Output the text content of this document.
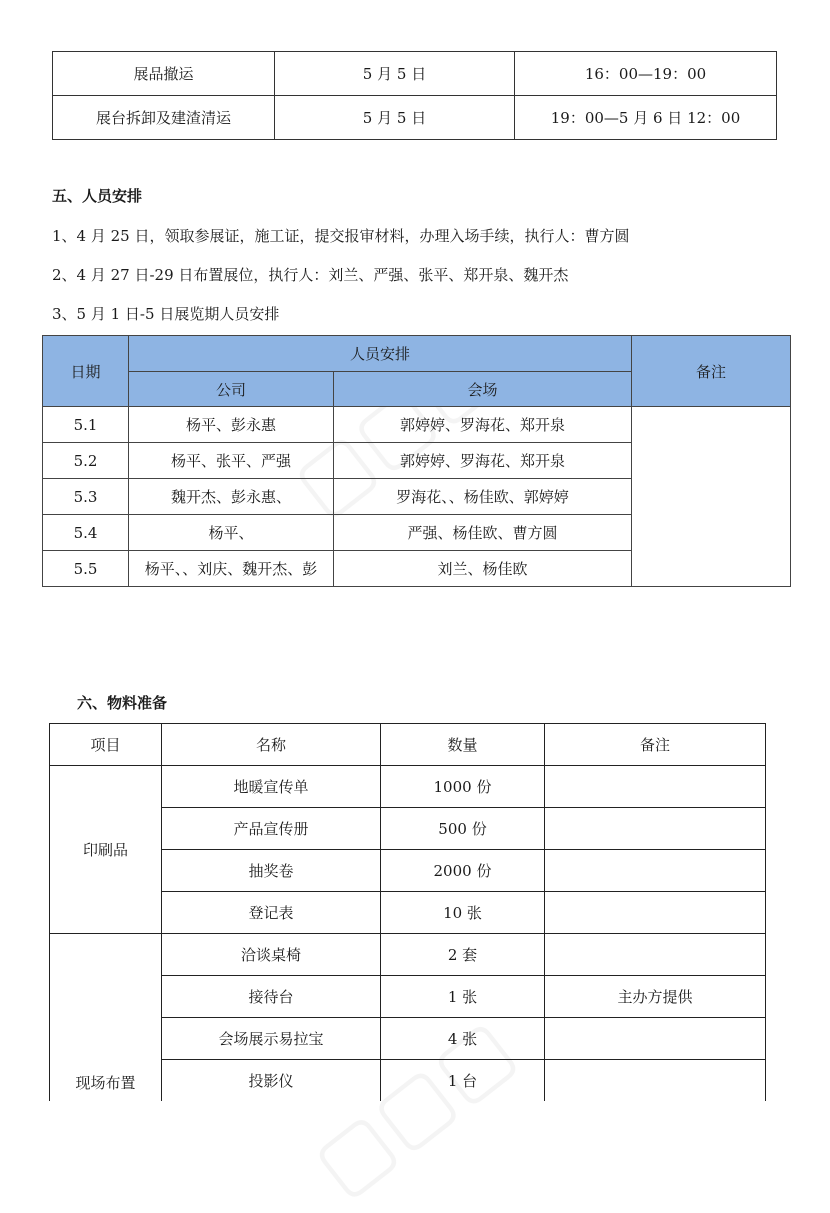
展品撤运	5 月 5 日	16：00—19：00
展台拆卸及建渣清运	5 月 5 日	19：00—5 月 6 日 12：00
五、人员安排
1、4 月 25 日，领取参展证，施工证，提交报审材料，办理入场手续，执行人：曹方圆
2、4 月 27 日-29 日布置展位，执行人：刘兰、严强、张平、郑开泉、魏开杰
3、5 月 1 日-5 日展览期人员安排
日期	人员安排		备注
	公司	会场	
5.1	杨平、彭永惠	郭婷婷、罗海花、郑开泉	
5.2	杨平、张平、严强	郭婷婷、罗海花、郑开泉	
5.3	魏开杰、彭永惠、	罗海花、、杨佳欧、郭婷婷	
5.4	杨平、	严强、杨佳欧、曹方圆	
5.5	杨平、、刘庆、魏开杰、彭	刘兰、杨佳欧	
六、物料准备
项目	名称	数量	备注
印刷品	地暖宣传单	1000 份	
	产品宣传册	500 份	
	抽奖卷	2000 份	
	登记表	10 张	
现场布置	洽谈桌椅	2 套	
	接待台	1 张	主办方提供
	会场展示易拉宝	4 张	
	投影仪	1 台	
